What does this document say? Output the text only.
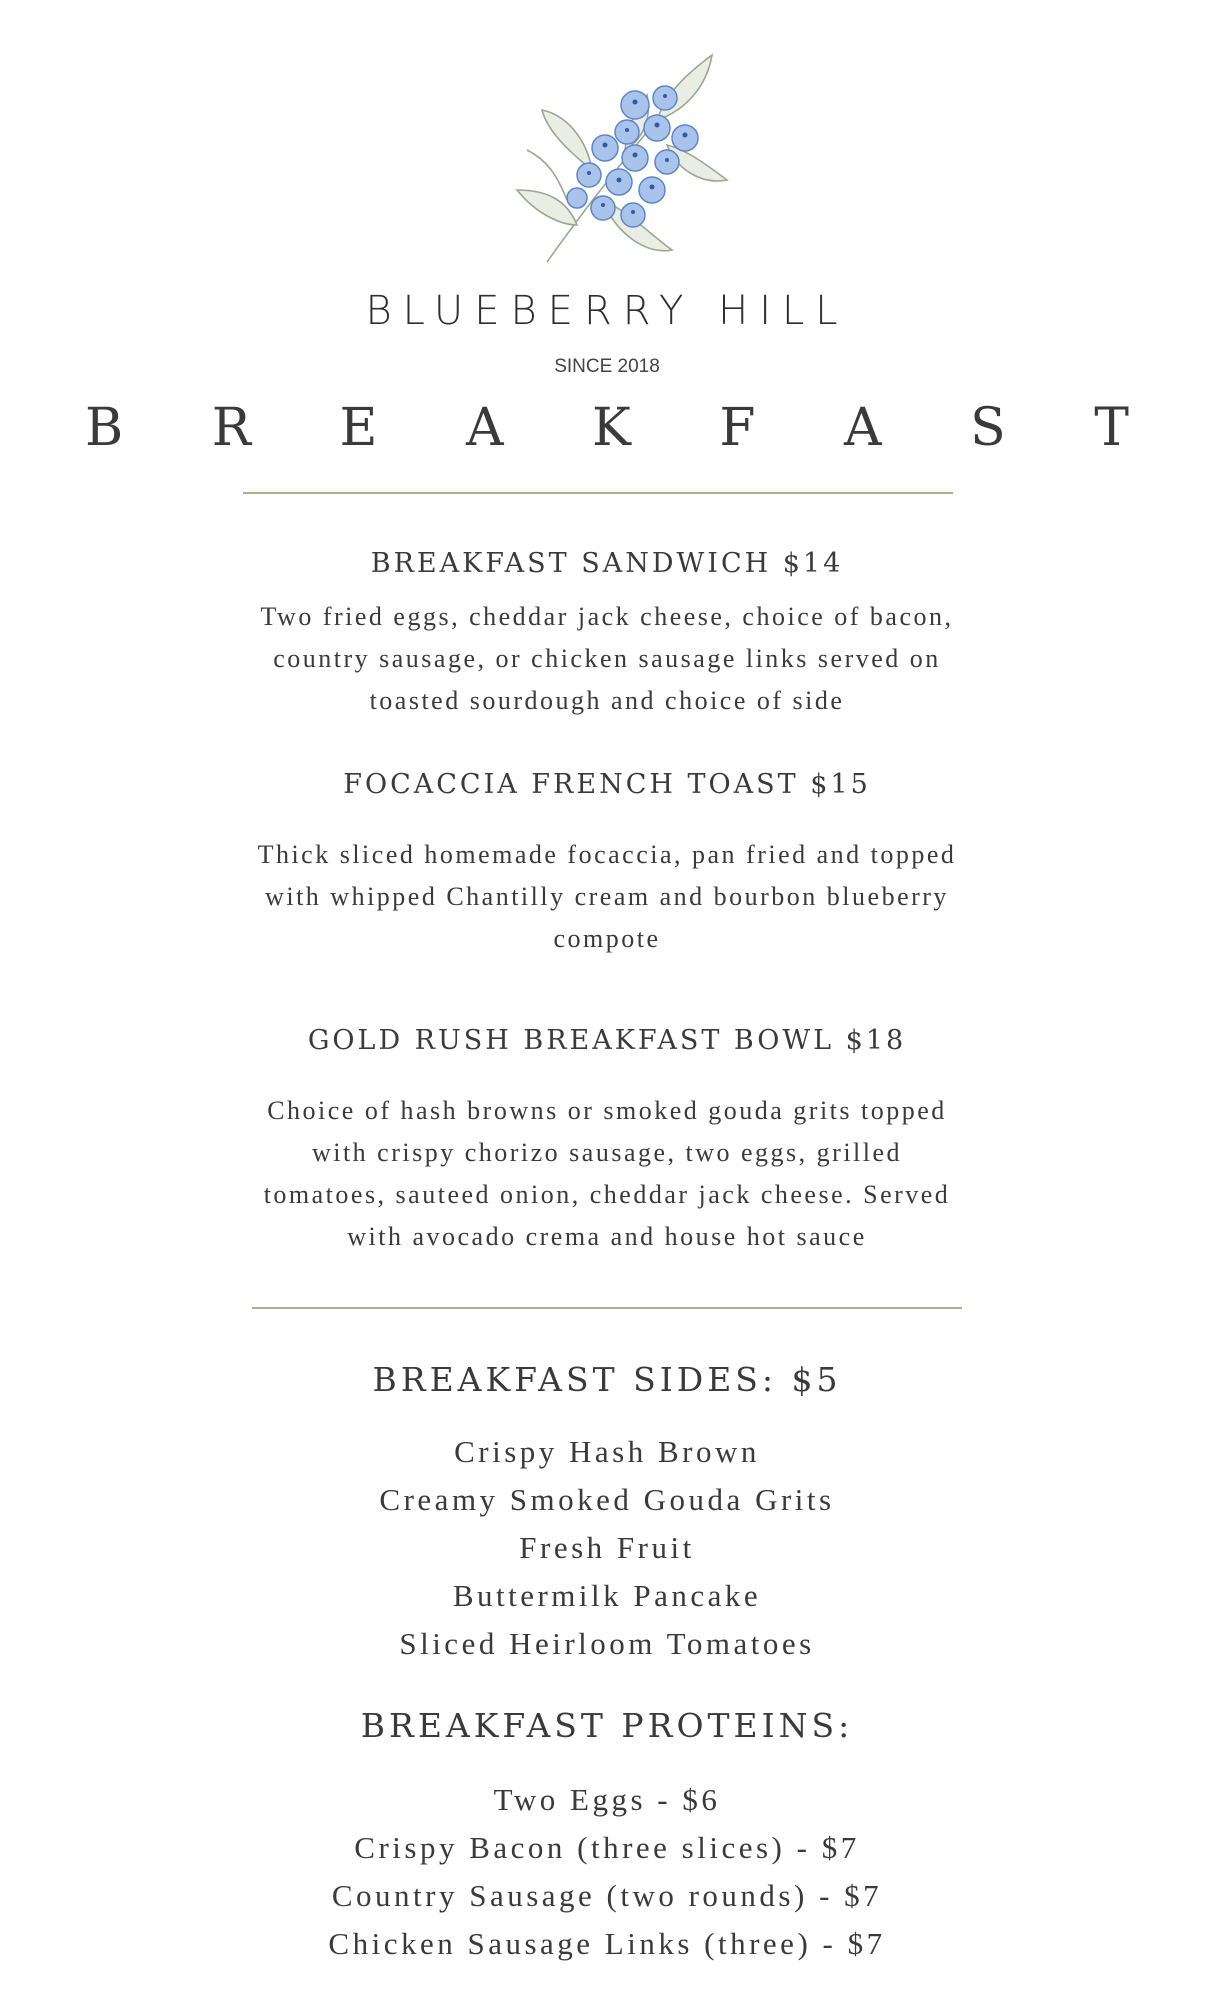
BLUEBERRY HILL
SINCE 2018
B R E A K F A S T
BREAKFAST SANDWICH $14
Two fried eggs, cheddar jack cheese, choice of bacon, country sausage, or chicken sausage links served on toasted sourdough and choice of side
FOCACCIA FRENCH TOAST $15
Thick sliced homemade focaccia, pan fried and topped with whipped Chantilly cream and bourbon blueberry compote
GOLD RUSH BREAKFAST BOWL $18
Choice of hash browns or smoked gouda grits topped with crispy chorizo sausage, two eggs, grilled tomatoes, sauteed onion, cheddar jack cheese. Served with avocado crema and house hot sauce
BREAKFAST SIDES: $5
Crispy Hash Brown
Creamy Smoked Gouda Grits
Fresh Fruit
Buttermilk Pancake
Sliced Heirloom Tomatoes
BREAKFAST PROTEINS:
Two Eggs - $6
Crispy Bacon (three slices) - $7
Country Sausage (two rounds) - $7
Chicken Sausage Links (three) - $7
